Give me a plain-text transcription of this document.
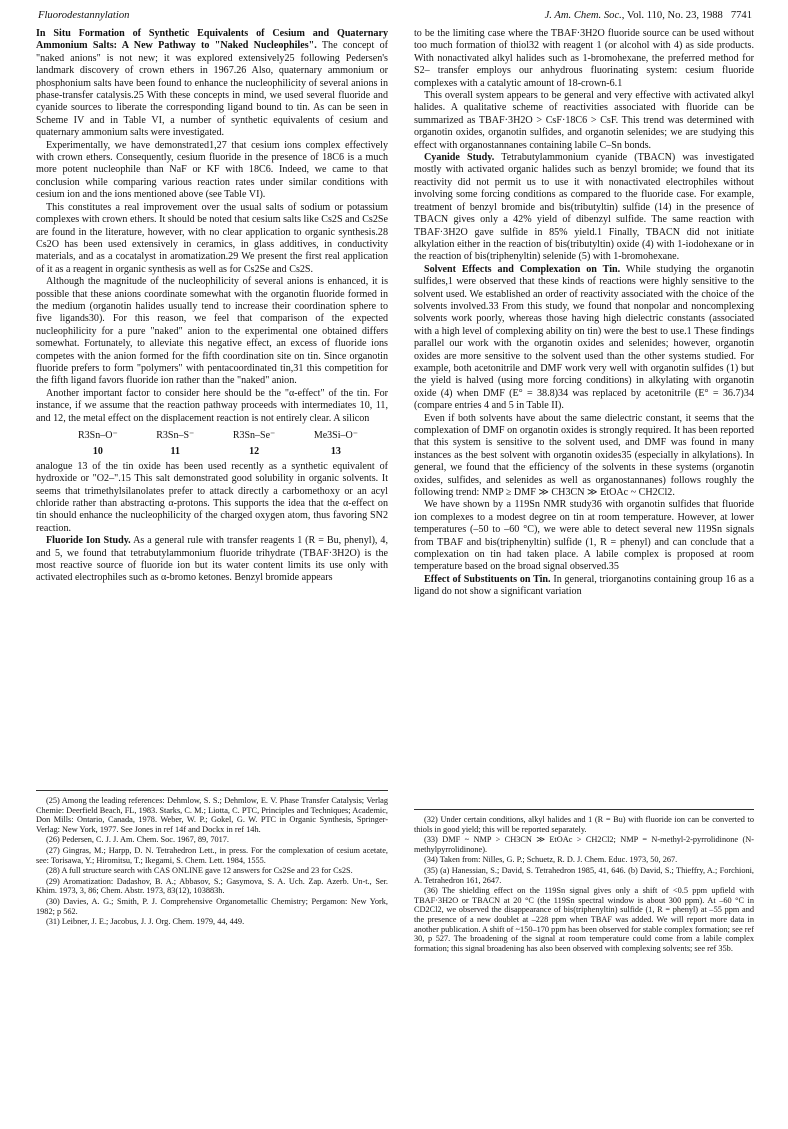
Fluorodestannylation	J. Am. Chem. Soc., Vol. 110, No. 23, 1988 7741

In Situ Formation of Synthetic Equivalents of Cesium and Quaternary Ammonium Salts: A New Pathway to "Naked Nucleophiles". The concept of "naked anions" is not new; it was explored extensively25 following Pedersen's landmark discovery of crown ethers in 1967.26 Also, quaternary ammonium or phosphonium salts have been found to enhance the nucleophilicity of several anions in phase-transfer catalysis.25 With these concepts in mind, we used several fluoride and cyanide sources to liberate the corresponding ligand bound to tin. As can be seen in Scheme IV and in Table VI, a number of synthetic equivalents of cesium and quaternary ammonium salts were investigated.

Experimentally, we have demonstrated1,27 that cesium ions complex effectively with crown ethers. Consequently, cesium fluoride in the presence of 18C6 is a much more potent nucleophile than NaF or KF with 18C6. Indeed, we came to that conclusion while comparing various reaction rates under similar conditions with cesium ion and the ions mentioned above (see Table VI).

This constitutes a real improvement over the usual salts of sodium or potassium complexes with crown ethers. It should be noted that cesium salts like Cs2S and Cs2Se are found in the literature, however, with no clear application to organic synthesis.28 Cs2O has been used extensively in ceramics, in glass additives, in conductivity materials, and as a cocatalyst in aromatization.29 We present the first real application of it as a reagent in organic synthesis as well as for Cs2Se and Cs2S.

Although the magnitude of the nucleophilicity of several anions is enhanced, it is possible that these anions coordinate somewhat with the organotin fluoride formed in the medium (organotin halides usually tend to increase their coordination sphere to five ligands30). For this reason, we feel that comparison of the expected nucleophilicity for a pure "naked" anion to the experimental one obtained differs somewhat. Fortunately, to alleviate this negative effect, an excess of fluoride ions competes with the anion formed for the fifth coordination site on tin. Since organotin fluoride prefers to form "polymers" with pentacoordinated tin,31 this competition for the fifth ligand favors fluoride ion rather than the "naked" anion.

Another important factor to consider here should be the "α-effect" of the tin. For instance, if we assume that the reaction pathway proceeds with intermediates 10, 11, and 12, the metal effect on the displacement reaction is not entirely clear. A silicon

R3Sn–O⁻
10
R3Sn–S⁻
11
R3Sn–Se⁻
12
Me3Si–O⁻
13

analogue 13 of the tin oxide has been used recently as a synthetic equivalent of hydroxide or "O2–".15 This salt demonstrated good solubility in organic solvents. It seems that trimethylsilanolates prefer to attack directly a carbomethoxy or an acyl chloride rather than abstracting α-protons. This supports the idea that the α-effect on tin should enhance the nucleophilicity of the charged oxygen atom, thus favoring SN2 reaction.

Fluoride Ion Study. As a general rule with transfer reagents 1 (R = Bu, phenyl), 4, and 5, we found that tetrabutylammonium fluoride trihydrate (TBAF·3H2O) is the most reactive source of fluoride ion but its water content limits its use only with activated electrophiles such as α-bromo ketones. Benzyl bromide appears

to be the limiting case where the TBAF·3H2O fluoride source can be used without too much formation of thiol32 with reagent 1 (or alcohol with 4) as side products. With nonactivated alkyl halides such as 1-bromohexane, the preferred method for S2– transfer employs our anhydrous fluorinating system: cesium fluoride complexes with a catalytic amount of 18-crown-6.1

This overall system appears to be general and very effective with activated alkyl halides. A qualitative scheme of reactivities associated with fluoride can be summarized as TBAF·3H2O > CsF·18C6 > CsF. This trend was determined with organotin oxides, organotin sulfides, and organotin selenides; we are studying this effect with organostannanes containing labile C–Sn bonds.

Cyanide Study. Tetrabutylammonium cyanide (TBACN) was investigated mostly with activated organic halides such as benzyl bromide; we found that its reactivity did not permit us to use it with nonactivated electrophiles without involving some forcing conditions as compared to the fluoride case. For example, treatment of benzyl bromide and bis(tributyltin) sulfide (14) in the presence of TBACN gives only a 42% yield of dibenzyl sulfide. The same reaction with TBAF·3H2O gave sulfide in 85% yield.1 Finally, TBACN did not initiate alkylation either in the reaction of bis(tributyltin) oxide (4) with 1-iodohexane or in the reaction of bis(triphenyltin) selenide (5) with 1-bromohexane.

Solvent Effects and Complexation on Tin. While studying the organotin sulfides,1 were observed that these kinds of reactions were highly sensitive to the solvent used. We established an order of reactivity associated with the choice of the solvents involved.33 From this study, we found that nonpolar and noncomplexing solvents work poorly, whereas those having high dielectric constants (associated with a high level of complexing ability on tin) were the best to use.1 These findings parallel our work with the organotin oxides and selenides; however, organotin oxides are more sensitive to the solvent used than the other systems studied. For example, both acetonitrile and DMF work very well with organotin sulfides (1) but the yield is halved (using more forcing conditions) in alkylating with organotin oxide (4) when DMF (E° = 38.8)34 was replaced by acetonitrile (E° = 36.7)34 (compare entries 4 and 5 in Table II).

Even if both solvents have about the same dielectric constant, it seems that the complexation of DMF on organotin oxides is strongly required. It has been reported that this system is sensitive to the solvent used, and DMF was found in many instances as the best solvent with organotin oxides35 (especially in alkylations). In general, we found that the efficiency of the solvents in these systems (organotin oxides, sulfides, and selenides as well as organostannanes) follows roughly the following trend: NMP ≥ DMF ≫ CH3CN ≫ EtOAc ~ CH2Cl2.

We have shown by a 119Sn NMR study36 with organotin sulfides that fluoride ion complexes to a modest degree on tin at room temperature. However, at lower temperatures (–50 to –60 °C), we were able to detect several new 119Sn signals from TBAF and bis(triphenyltin) sulfide (1, R = phenyl) and can conclude that a complexation on tin had taken place. A labile complex is proposed at room temperature based on the broad signal observed.35

Effect of Substituents on Tin. In general, triorganotins containing group 16 as a ligand do not show a significant variation

(25) Among the leading references: Dehmlow, S. S.; Dehmlow, E. V. Phase Transfer Catalysis; Verlag Chemie: Deerfield Beach, FL, 1983. Starks, C. M.; Liotta, C. PTC, Principles and Techniques; Academic, Don Mills: Ontario, Canada, 1978. Weber, W. P.; Gokel, G. W. PTC in Organic Synthesis, Springer-Verlag: New York, 1977. See Jones in ref 14f and Dockx in ref 14h.

(26) Pedersen, C. J. J. Am. Chem. Soc. 1967, 89, 7017.

(27) Gingras, M.; Harpp, D. N. Tetrahedron Lett., in press. For the complexation of cesium acetate, see: Torisawa, Y.; Hiromitsu, T.; Ikegami, S. Chem. Lett. 1984, 1555.

(28) A full structure search with CAS ONLINE gave 12 answers for Cs2Se and 23 for Cs2S.

(29) Aromatization: Dadashov, B. A.; Abbasov, S.; Gasymova, S. A. Uch. Zap. Azerb. Un-t., Ser. Khim. 1973, 3, 86; Chem. Abstr. 1973, 83(12), 103883h.

(30) Davies, A. G.; Smith, P. J. Comprehensive Organometallic Chemistry; Pergamon: New York, 1982; p 562.

(31) Leibner, J. E.; Jacobus, J. J. Org. Chem. 1979, 44, 449.

(32) Under certain conditions, alkyl halides and 1 (R = Bu) with fluoride ion can be converted to thiols in good yield; this will be reported separately.

(33) DMF ~ NMP > CH3CN ≫ EtOAc > CH2Cl2; NMP = N-methyl-2-pyrrolidinone (N-methylpyrrolidinone).

(34) Taken from: Nilles, G. P.; Schuetz, R. D. J. Chem. Educ. 1973, 50, 267.

(35) (a) Hanessian, S.; David, S. Tetrahedron 1985, 41, 646. (b) David, S.; Thieffry, A.; Forchioni, A. Tetrahedron 161, 2647.

(36) The shielding effect on the 119Sn signal gives only a shift of <0.5 ppm upfield with TBAF·3H2O or TBACN at 20 °C (the 119Sn spectral window is about 300 ppm). At –60 °C in CD2Cl2, we observed the disappearance of bis(triphenyltin) sulfide (1, R = phenyl) at –55 ppm and the presence of a new doublet at –228 ppm when TBAF was added. We will report more data in another publication. A shift of ~150–170 ppm has been observed for stable complex formation; see ref 30, p 527. The broadening of the signal at room temperature could come from a labile complex formation; this signal broadening has also been observed with complexing solvents; see ref 35b.
